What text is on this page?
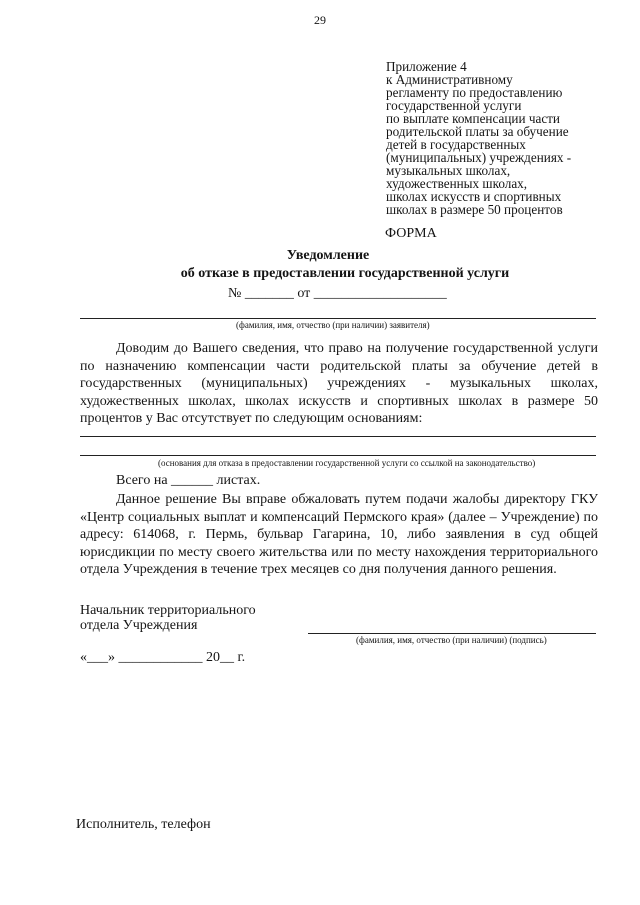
29
Приложение 4
к Административному
регламенту по предоставлению
государственной услуги
по выплате компенсации части
родительской платы за обучение
детей в государственных
(муниципальных) учреждениях -
музыкальных школах,
художественных школах,
школах искусств и спортивных
школах в размере 50 процентов
ФОРМА
Уведомление
об отказе в предоставлении государственной услуги
№ _______ от ___________________
(фамилия, имя, отчество (при наличии) заявителя)
Доводим до Вашего сведения, что право на получение государственной услуги по назначению компенсации части родительской платы за обучение детей в государственных (муниципальных) учреждениях - музыкальных школах, художественных школах, школах искусств и спортивных школах в размере 50 процентов у Вас отсутствует по следующим основаниям:
(основания для отказа в предоставлении государственной услуги со ссылкой на законодательство)
Всего на ______ листах.
Данное решение Вы вправе обжаловать путем подачи жалобы директору ГКУ «Центр социальных выплат и компенсаций Пермского края» (далее – Учреждение) по адресу: 614068, г. Пермь, бульвар Гагарина, 10, либо заявления в суд общей юрисдикции по месту своего жительства или по месту нахождения территориального отдела Учреждения в течение трех месяцев со дня получения данного решения.
Начальник территориального
отдела Учреждения
(фамилия, имя, отчество (при наличии) (подпись)
«___» ____________ 20__ г.
Исполнитель, телефон
